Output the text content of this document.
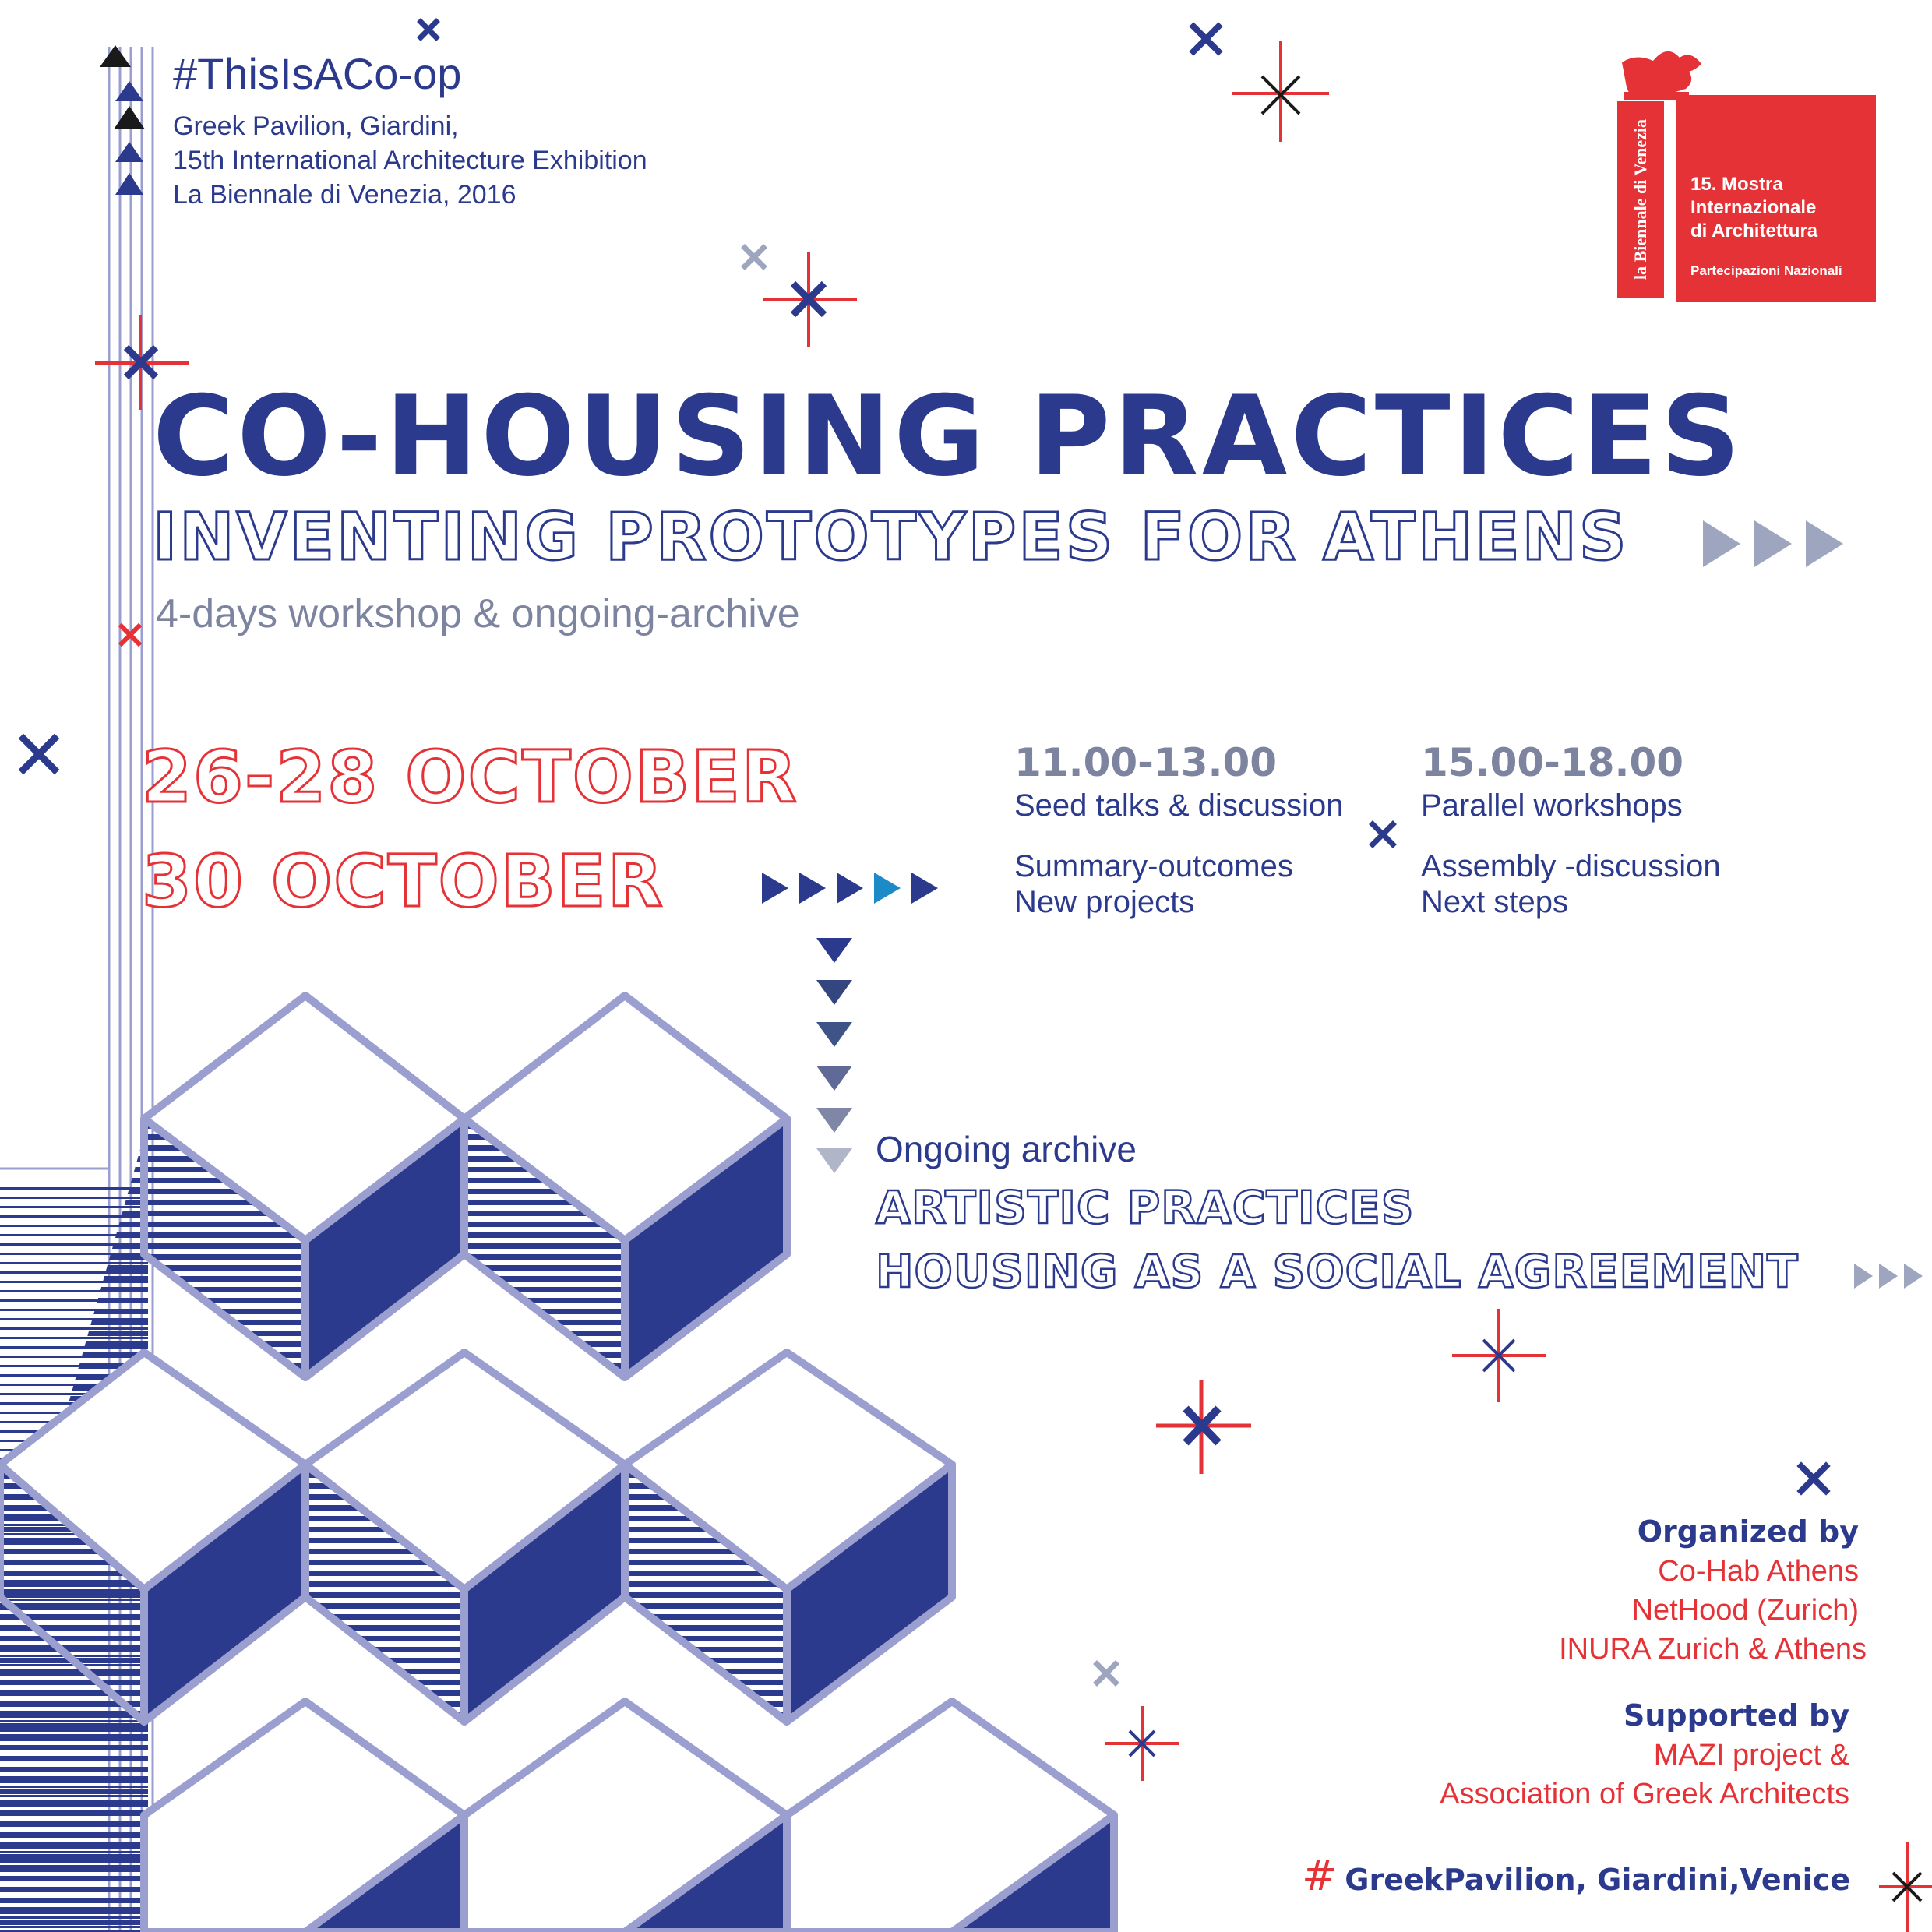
#ThisIsACo-op
Greek Pavilion, Giardini,
15th International Architecture Exhibition
La Biennale di Venezia, 2016	la Biennale di Venezia 15. Mostra
Internazionale
di Architettura
Partecipazioni Nazionali
CO-HOUSING PRACTICES
INVENTING PROTOTYPES FOR ATHENS
4-days workshop & ongoing-archive
26-28 OCTOBER
30 OCTOBER
11.00-13.00
Seed talks & discussion
Summary-outcomes
New projects
15.00-18.00
Parallel workshops
Assembly -discussion
Next steps
Ongoing archive
ARTISTIC PRACTICES
HOUSING AS A SOCIAL AGREEMENT
Organized by
Co-Hab Athens
NetHood (Zurich)
INURA Zurich & Athens
Supported by
MAZI project &
Association of Greek Architects
# GreekPavilion, Giardini,Venice
